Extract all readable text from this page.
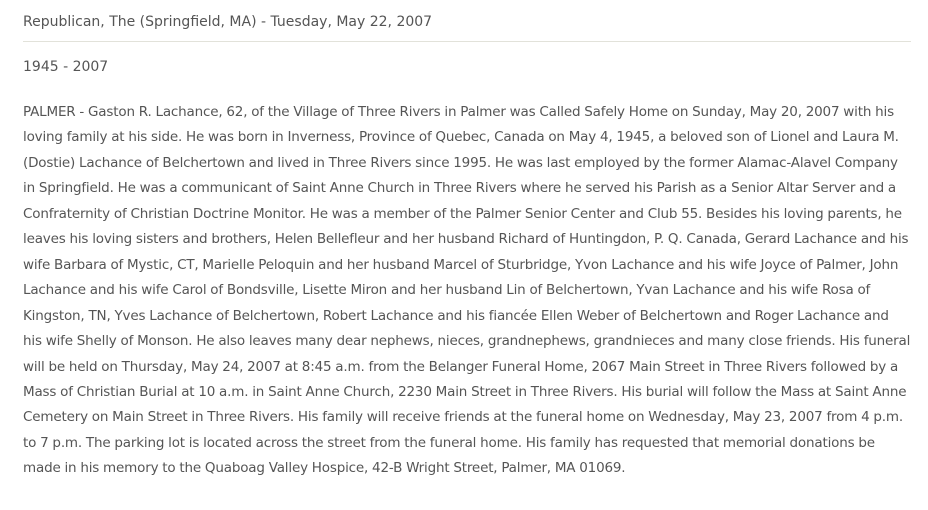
Republican, The (Springfield, MA) - Tuesday, May 22, 2007

1945 - 2007

PALMER - Gaston R. Lachance, 62, of the Village of Three Rivers in Palmer was Called Safely Home on Sunday, May 20, 2007 with his loving family at his side. He was born in Inverness, Province of Quebec, Canada on May 4, 1945, a beloved son of Lionel and Laura M. (Dostie) Lachance of Belchertown and lived in Three Rivers since 1995. He was last employed by the former Alamac-Alavel Company in Springfield. He was a communicant of Saint Anne Church in Three Rivers where he served his Parish as a Senior Altar Server and a Confraternity of Christian Doctrine Monitor. He was a member of the Palmer Senior Center and Club 55. Besides his loving parents, he leaves his loving sisters and brothers, Helen Bellefleur and her husband Richard of Huntingdon, P. Q. Canada, Gerard Lachance and his wife Barbara of Mystic, CT, Marielle Peloquin and her husband Marcel of Sturbridge, Yvon Lachance and his wife Joyce of Palmer, John Lachance and his wife Carol of Bondsville, Lisette Miron and her husband Lin of Belchertown, Yvan Lachance and his wife Rosa of Kingston, TN, Yves Lachance of Belchertown, Robert Lachance and his fiancée Ellen Weber of Belchertown and Roger Lachance and his wife Shelly of Monson. He also leaves many dear nephews, nieces, grandnephews, grandnieces and many close friends. His funeral will be held on Thursday, May 24, 2007 at 8:45 a.m. from the Belanger Funeral Home, 2067 Main Street in Three Rivers followed by a Mass of Christian Burial at 10 a.m. in Saint Anne Church, 2230 Main Street in Three Rivers. His burial will follow the Mass at Saint Anne Cemetery on Main Street in Three Rivers. His family will receive friends at the funeral home on Wednesday, May 23, 2007 from 4 p.m. to 7 p.m. The parking lot is located across the street from the funeral home. His family has requested that memorial donations be made in his memory to the Quaboag Valley Hospice, 42-B Wright Street, Palmer, MA 01069.
